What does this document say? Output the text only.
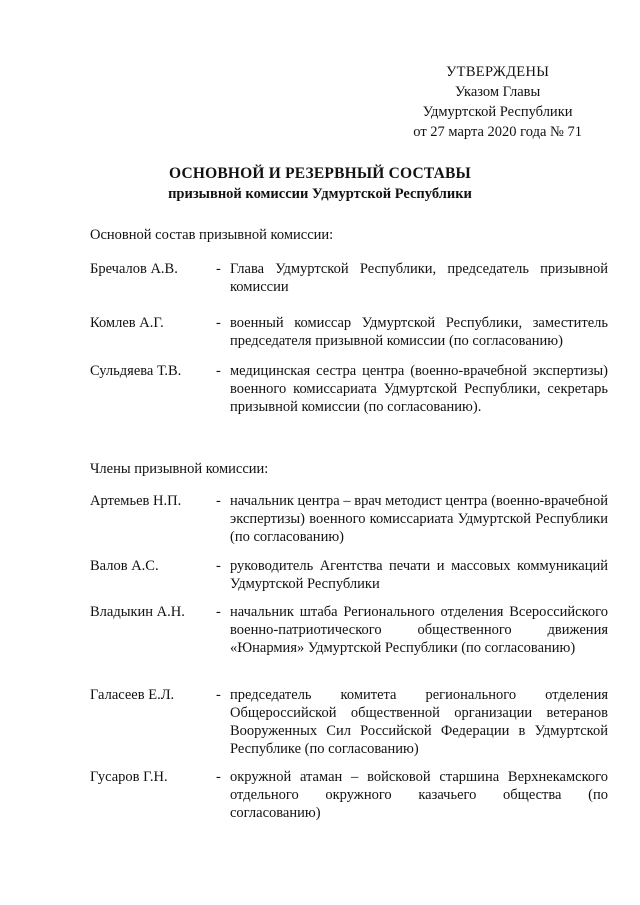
УТВЕРЖДЕНЫ
Указом Главы
Удмуртской Республики
от 27 марта 2020 года № 71
ОСНОВНОЙ И РЕЗЕРВНЫЙ СОСТАВЫ
призывной комиссии Удмуртской Республики
Основной состав призывной комиссии:
Бречалов А.В.	- Глава Удмуртской Республики, председатель призывной комиссии
Комлев А.Г.	- военный комиссар Удмуртской Республики, заместитель председателя призывной комиссии (по согласованию)
Сульдяева Т.В.	- медицинская сестра центра (военно-врачебной экспертизы) военного комиссариата Удмуртской Республики, секретарь призывной комиссии (по согласованию).
Члены призывной комиссии:
Артемьев Н.П.	- начальник центра – врач методист центра (военно-врачебной экспертизы) военного комиссариата Удмуртской Республики (по согласованию)
Валов А.С.	- руководитель Агентства печати и массовых коммуникаций Удмуртской Республики
Владыкин А.Н.	- начальник штаба Регионального отделения Всероссийского военно-патриотического общественного движения «Юнармия» Удмуртской Республики (по согласованию)
Галасеев Е.Л.	- председатель комитета регионального отделения Общероссийской общественной организации ветеранов Вооруженных Сил Российской Федерации в Удмуртской Республике (по согласованию)
Гусаров Г.Н.	- окружной атаман – войсковой старшина Верхнекамского отдельного окружного казачьего общества (по согласованию)
